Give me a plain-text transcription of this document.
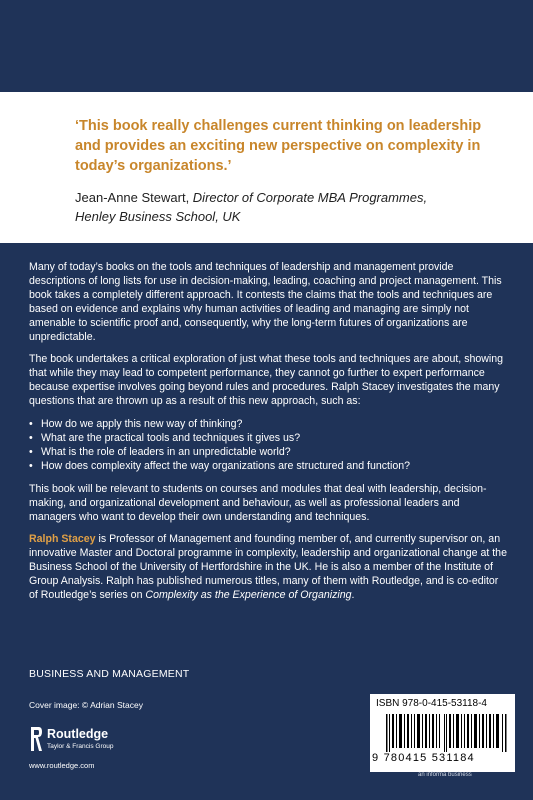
‘This book really challenges current thinking on leadership and provides an exciting new perspective on complexity in today’s organizations.’

Jean-Anne Stewart, Director of Corporate MBA Programmes,
Henley Business School, UK

Many of today’s books on the tools and techniques of leadership and management provide descriptions of long lists for use in decision-making, leading, coaching and project management. This book takes a completely different approach. It contests the claims that the tools and techniques are based on evidence and explains why human activities of leading and managing are simply not amenable to scientific proof and, consequently, why the long-term futures of organizations are unpredictable.

The book undertakes a critical exploration of just what these tools and techniques are about, showing that while they may lead to competent performance, they cannot go further to expert performance because expertise involves going beyond rules and procedures. Ralph Stacey investigates the many questions that are thrown up as a result of this new approach, such as:

• How do we apply this new way of thinking?
• What are the practical tools and techniques it gives us?
• What is the role of leaders in an unpredictable world?
• How does complexity affect the way organizations are structured and function?

This book will be relevant to students on courses and modules that deal with leadership, decision-making, and organizational development and behaviour, as well as professional leaders and managers who want to develop their own understanding and techniques.

Ralph Stacey is Professor of Management and founding member of, and currently supervisor on, an innovative Master and Doctoral programme in complexity, leadership and organizational change at the Business School of the University of Hertfordshire in the UK. He is also a member of the Institute of Group Analysis. Ralph has published numerous titles, many of them with Routledge, and is co-editor of Routledge’s series on Complexity as the Experience of Organizing.

BUSINESS AND MANAGEMENT
Cover image: © Adrian Stacey
Routledge
Taylor & Francis Group
www.routledge.com
ISBN 978-0-415-53118-4
9 780415 531184
an informa business
